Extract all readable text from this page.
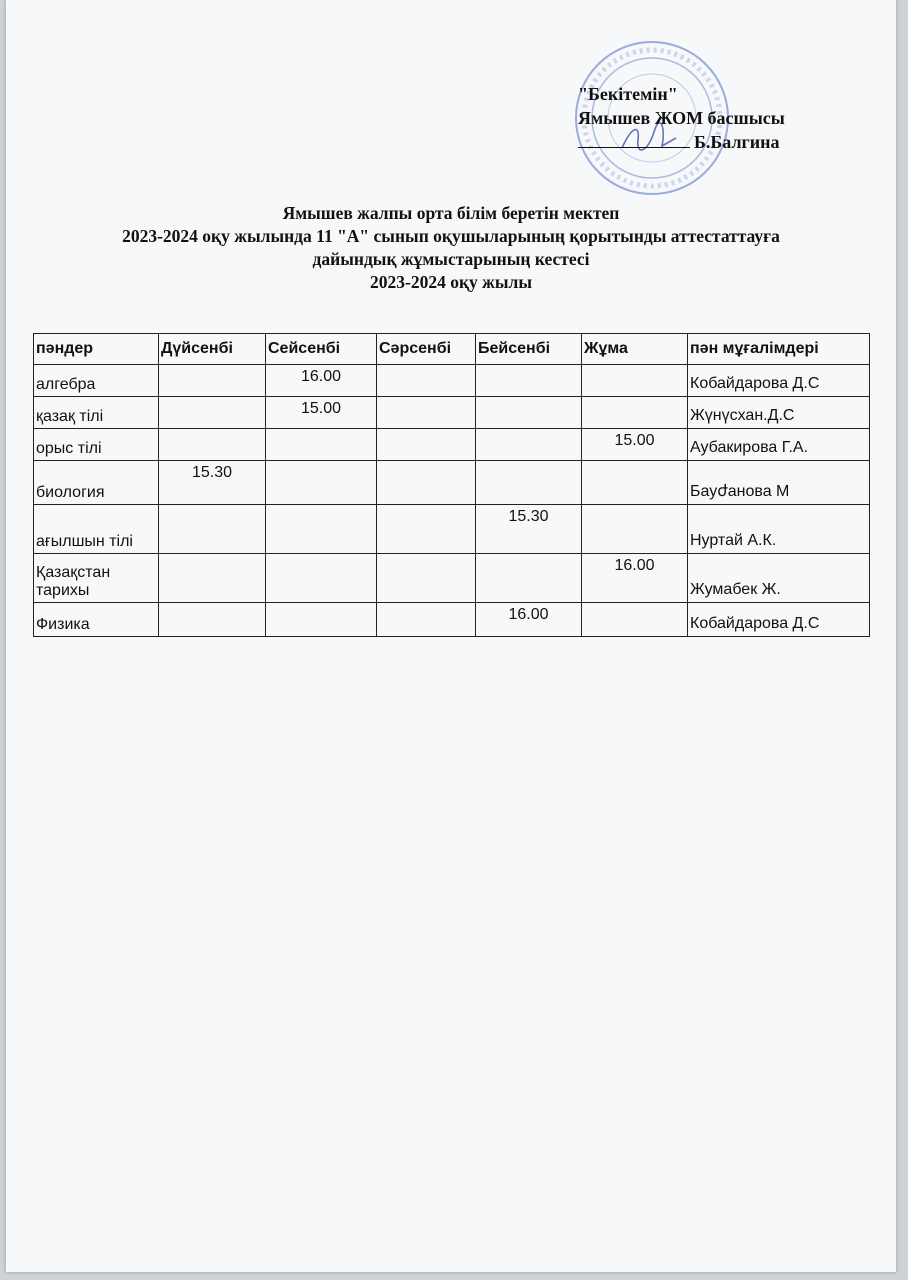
"Бекітемін"
Ямышев ЖОМ басшысы
Б.Балгина
Ямышев жалпы орта білім беретін мектеп
2023-2024 оқу жылында 11 "А" сынып оқушыларының қорытынды аттестаттауға
дайындық жұмыстарының кестесі
2023-2024 оқу жылы
пәндер	Дүйсенбі	Сейсенбі	Сәрсенбі	Бейсенбі	Жұма	пән мұғалімдері
алгебра		16.00				Кобайдарова Д.С
қазақ тілі		15.00				Жүнүсхан.Д.С
орыс тілі					15.00	Аубакирова Г.А.
биология	15.30					Бауժанова М
ағылшын тілі				15.30		Нуртай А.К.
Қазақстан тарихы					16.00	Жумабек Ж.
Физика				16.00		Кобайдарова Д.С
